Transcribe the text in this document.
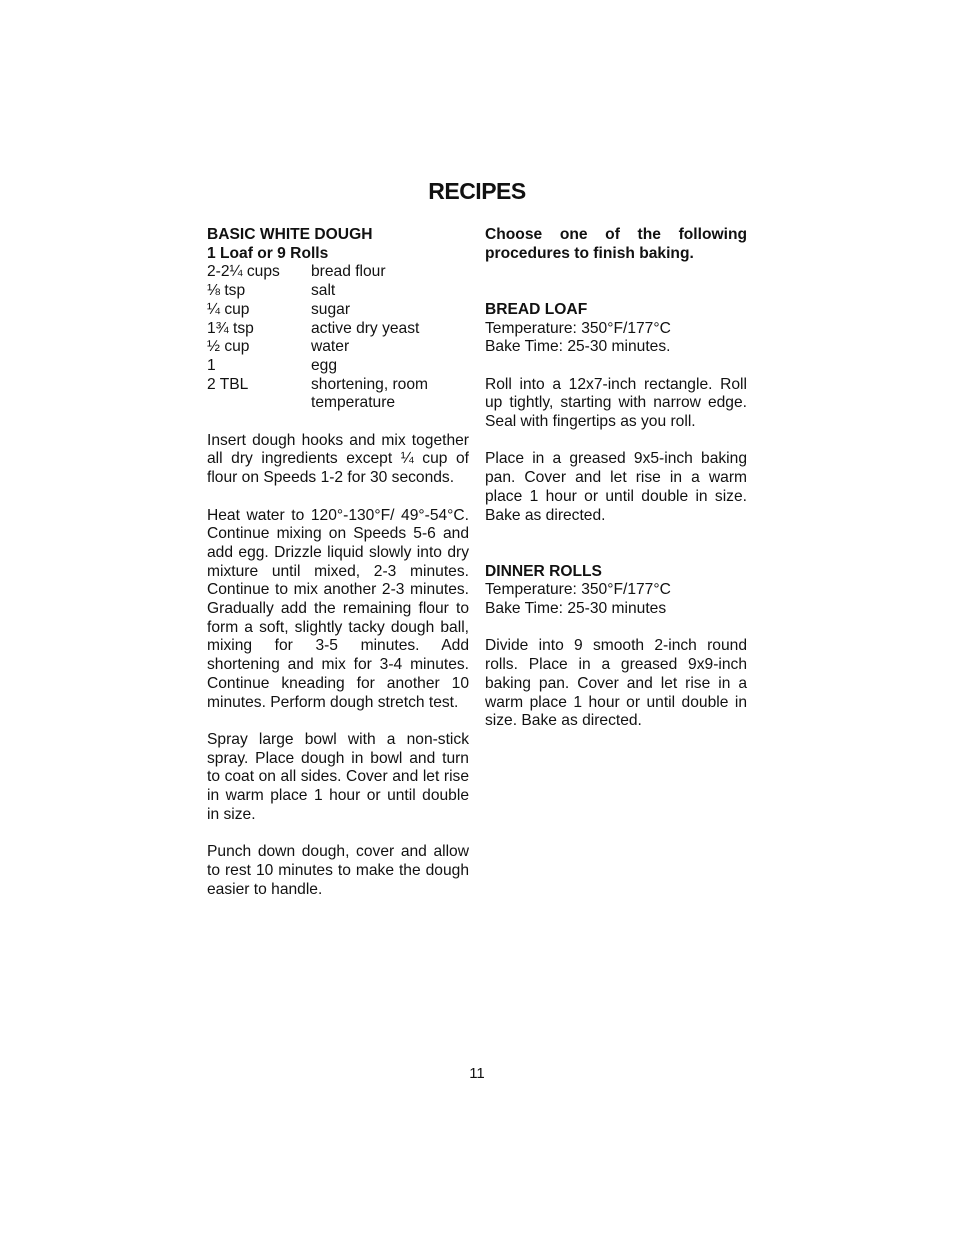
RECIPES
BASIC WHITE DOUGH
1 Loaf or 9 Rolls
2-2¼ cups	bread flour
⅛ tsp	salt
¼ cup	sugar
1¾ tsp	active dry yeast
½ cup	water
1	egg
2 TBL	shortening, room
temperature

Insert dough hooks and mix together all dry ingredients except ¼ cup of flour on Speeds 1-2 for 30 seconds.

Heat water to 120°-130°F/ 49°-54°C. Continue mixing on Speeds 5-6 and add egg. Drizzle liquid slowly into dry mixture until mixed, 2-3 minutes. Continue to mix another 2-3 minutes. Gradually add the remaining flour to form a soft, slightly tacky dough ball, mixing for 3-5 minutes. Add shortening and mix for 3-4 minutes. Continue kneading for another 10 minutes. Perform dough stretch test.

Spray large bowl with a non-stick spray. Place dough in bowl and turn to coat on all sides. Cover and let rise in warm place 1 hour or until double in size.

Punch down dough, cover and allow to rest 10 minutes to make the dough easier to handle.

Choose one of the following procedures to finish baking.

BREAD LOAF
Temperature: 350°F/177°C
Bake Time: 25-30 minutes.

Roll into a 12x7-inch rectangle. Roll up tightly, starting with narrow edge. Seal with fingertips as you roll.

Place in a greased 9x5-inch baking pan. Cover and let rise in a warm place 1 hour or until double in size. Bake as directed.

DINNER ROLLS
Temperature: 350°F/177°C
Bake Time: 25-30 minutes

Divide into 9 smooth 2-inch round rolls. Place in a greased 9x9-inch baking pan. Cover and let rise in a warm place 1 hour or until double in size. Bake as directed.

11
